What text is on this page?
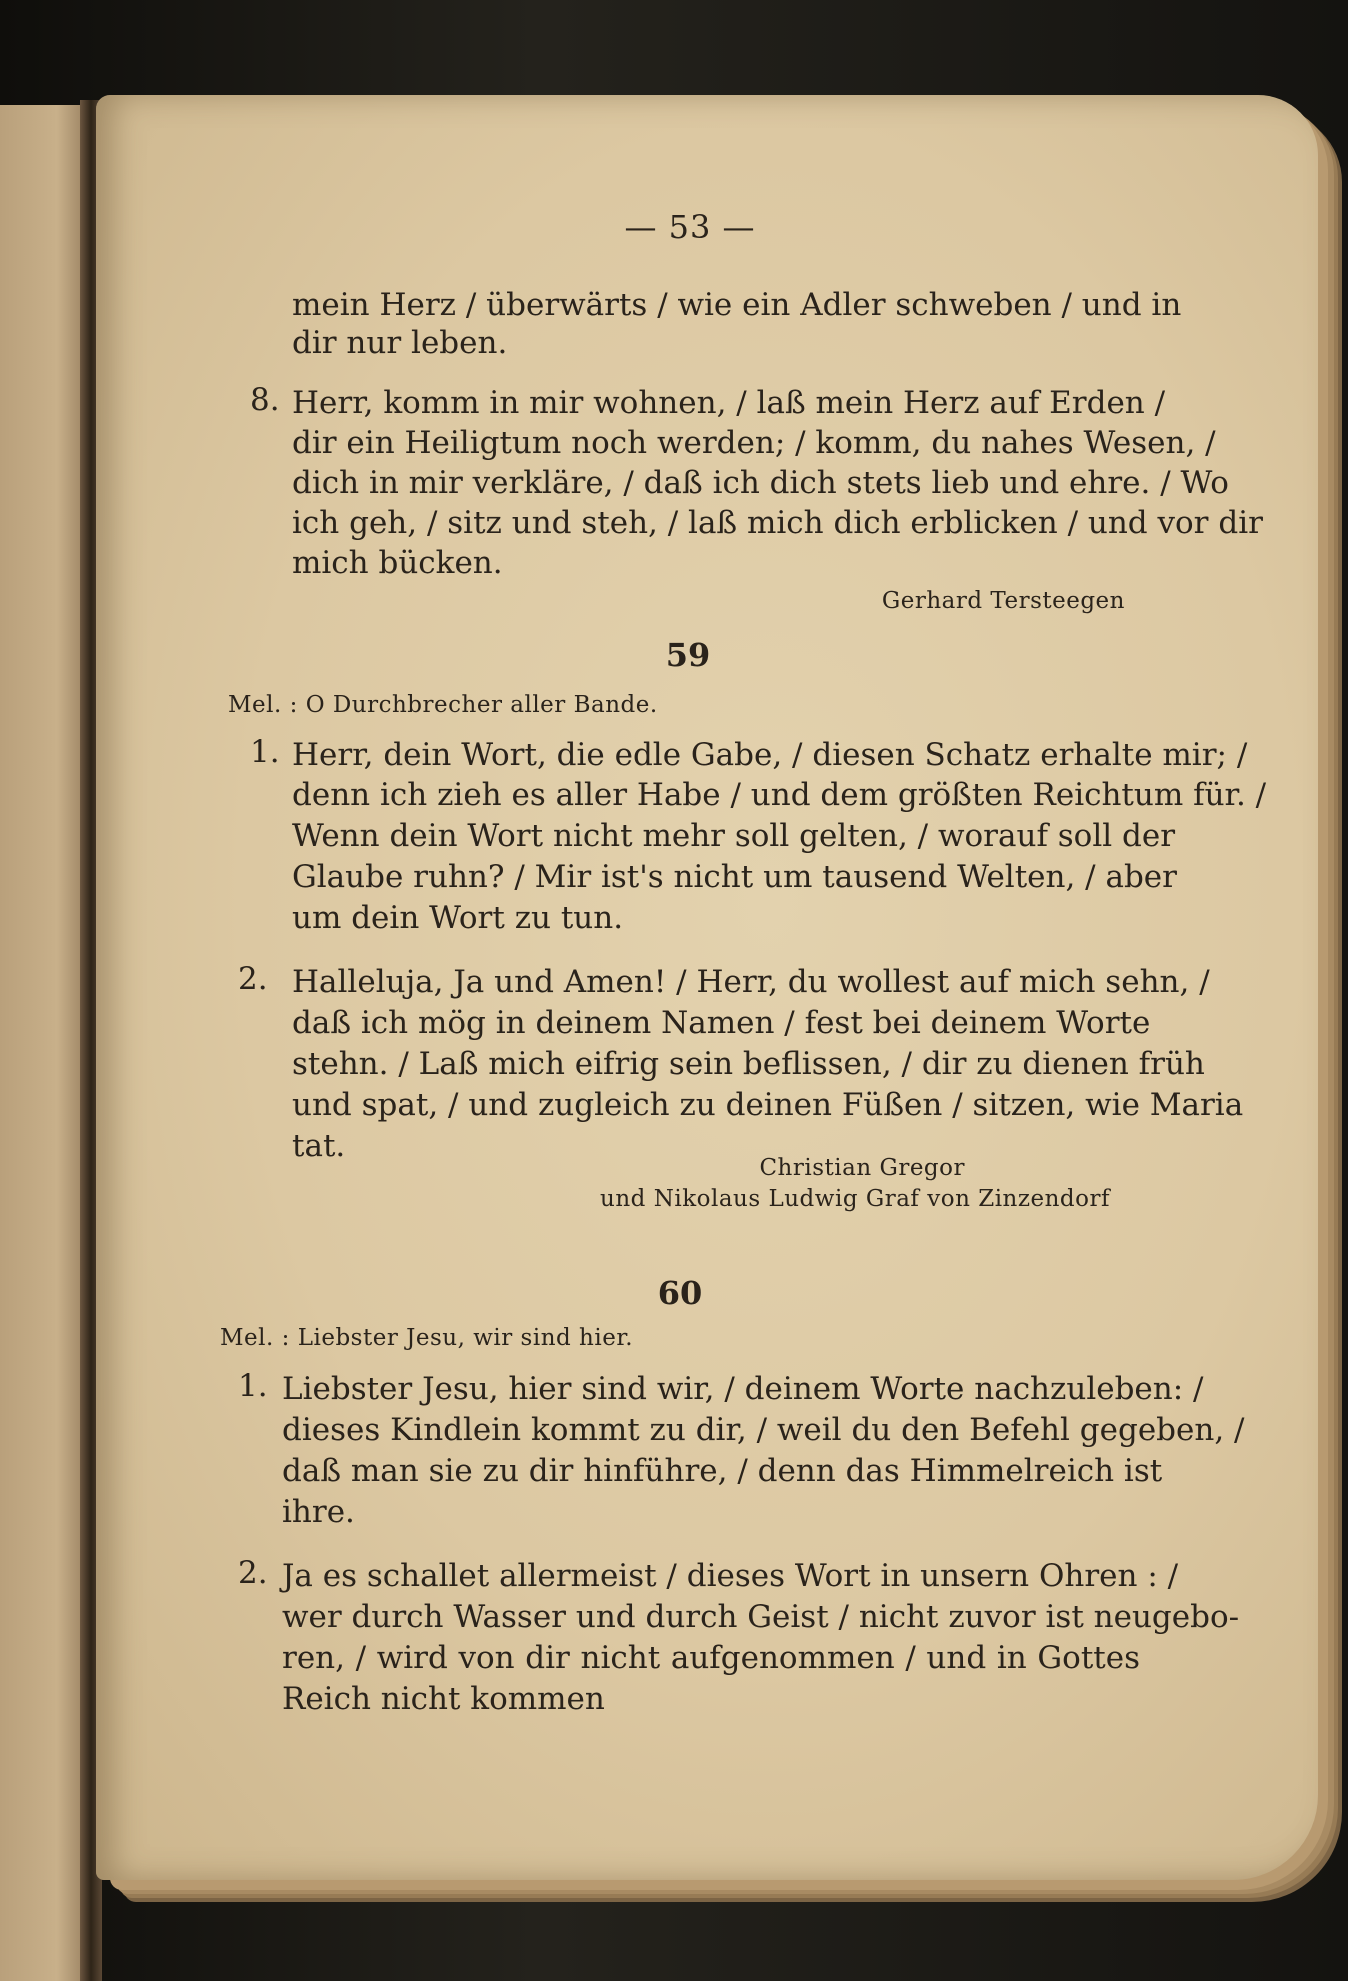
— 53 —
mein Herz / überwärts / wie ein Adler schweben / und in
dir nur leben.
8. Herr, komm in mir wohnen, / laß mein Herz auf Erden /
dir ein Heiligtum noch werden; / komm, du nahes Wesen, /
dich in mir verkläre, / daß ich dich stets lieb und ehre. / Wo
ich geh, / sitz und steh, / laß mich dich erblicken / und vor dir
mich bücken.
Gerhard Tersteegen
59
Mel. : O Durchbrecher aller Bande.
1. Herr, dein Wort, die edle Gabe, / diesen Schatz erhalte mir; /
denn ich zieh es aller Habe / und dem größten Reichtum für. /
Wenn dein Wort nicht mehr soll gelten, / worauf soll der
Glaube ruhn? / Mir ist's nicht um tausend Welten, / aber
um dein Wort zu tun.
2. Halleluja, Ja und Amen! / Herr, du wollest auf mich sehn, /
daß ich mög in deinem Namen / fest bei deinem Worte
stehn. / Laß mich eifrig sein beflissen, / dir zu dienen früh
und spat, / und zugleich zu deinen Füßen / sitzen, wie Maria
tat.
Christian Gregor
und Nikolaus Ludwig Graf von Zinzendorf
60
Mel. : Liebster Jesu, wir sind hier.
1. Liebster Jesu, hier sind wir, / deinem Worte nachzuleben: /
dieses Kindlein kommt zu dir, / weil du den Befehl gegeben, /
daß man sie zu dir hinführe, / denn das Himmelreich ist
ihre.
2. Ja es schallet allermeist / dieses Wort in unsern Ohren : /
wer durch Wasser und durch Geist / nicht zuvor ist neugebo-
ren, / wird von dir nicht aufgenommen / und in Gottes
Reich nicht kommen
